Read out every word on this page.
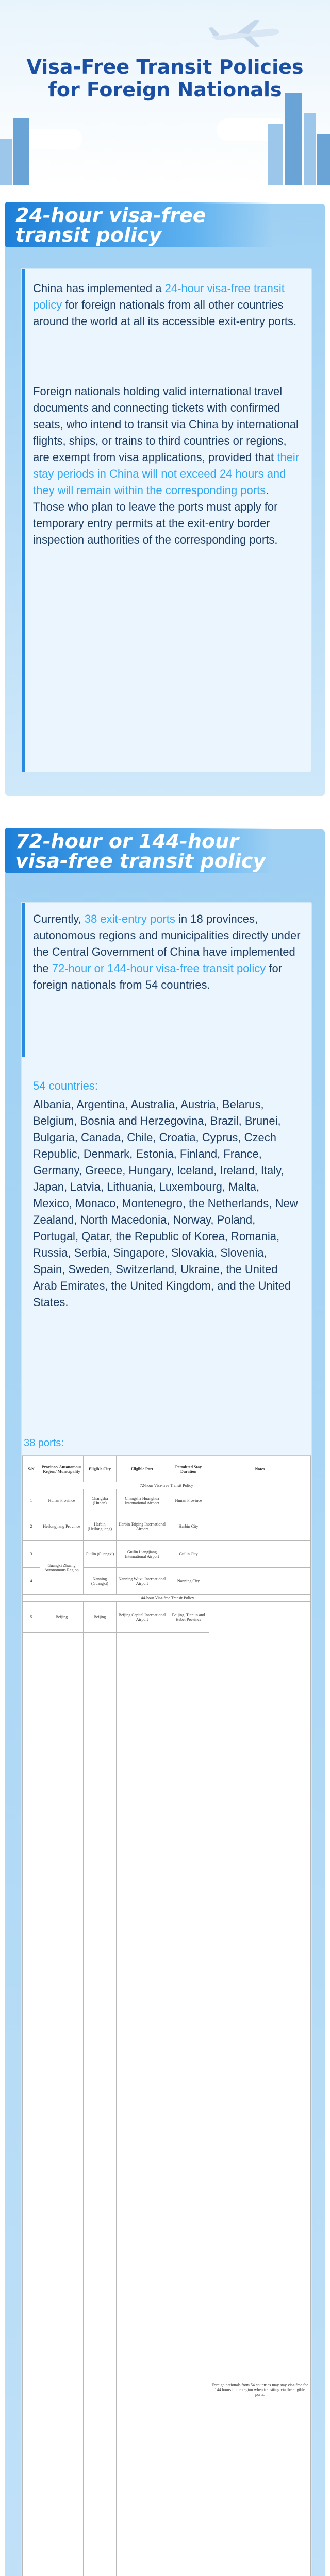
Visa-Free Transit Policies
for Foreign Nationals
24-hour visa-free
transit policy

China has implemented a 24-hour visa-free transit policy for foreign nationals from all other countries around the world at all its accessible exit-entry ports.

Foreign nationals holding valid international travel documents and connecting tickets with confirmed seats, who intend to transit via China by international flights, ships, or trains to third countries or regions, are exempt from visa applications, provided that their stay periods in China will not exceed 24 hours and they will remain within the corresponding ports. Those who plan to leave the ports must apply for temporary entry permits at the exit-entry border inspection authorities of the corresponding ports.

72-hour or 144-hour
visa-free transit policy

Currently, 38 exit-entry ports in 18 provinces, autonomous regions and municipalities directly under the Central Government of China have implemented the 72-hour or 144-hour visa-free transit policy for foreign nationals from 54 countries.

54 countries:

Albania, Argentina, Australia, Austria, Belarus, Belgium, Bosnia and Herzegovina, Brazil, Brunei, Bulgaria, Canada, Chile, Croatia, Cyprus, Czech Republic, Denmark, Estonia, Finland, France, Germany, Greece, Hungary, Iceland, Ireland, Italy, Japan, Latvia, Lithuania, Luxembourg, Malta, Mexico, Monaco, Montenegro, the Netherlands, New Zealand, North Macedonia, Norway, Poland, Portugal, Qatar, the Republic of Korea, Romania, Russia, Serbia, Singapore, Slovakia, Slovenia, Spain, Sweden, Switzerland, Ukraine, the United Arab Emirates, the United Kingdom, and the United States.

38 ports:
S/N	Province/ Autonomous Region/ Municipality	Eligible City	Eligible Port	Permitted Stay Duration	Notes
72-hour Visa-free Transit Policy					
1	Hunan Province	Changsha (Hunan)	Changsha Huanghua International Airport	Hunan Province	
2	Heilongjiang Province	Harbin (Heilongjiang)	Harbin Taiping International Airport	Harbin City	
3	Guangxi Zhuang Autonomous Region	Guilin (Guangxi)	Guilin Liangjiang International Airport	Guilin City	
4		Nanning (Guangxi)	Nanning Wuxu International Airport	Nanning City	
144-hour Visa-free Transit Policy					
5	Beijing	Beijing	Beijing Capital International Airport	Beijing, Tianjin and Hebei Province	Foreign nationals from 54 countries may stay visa-free for 144 hours in the region when transiting via the eligible ports.
